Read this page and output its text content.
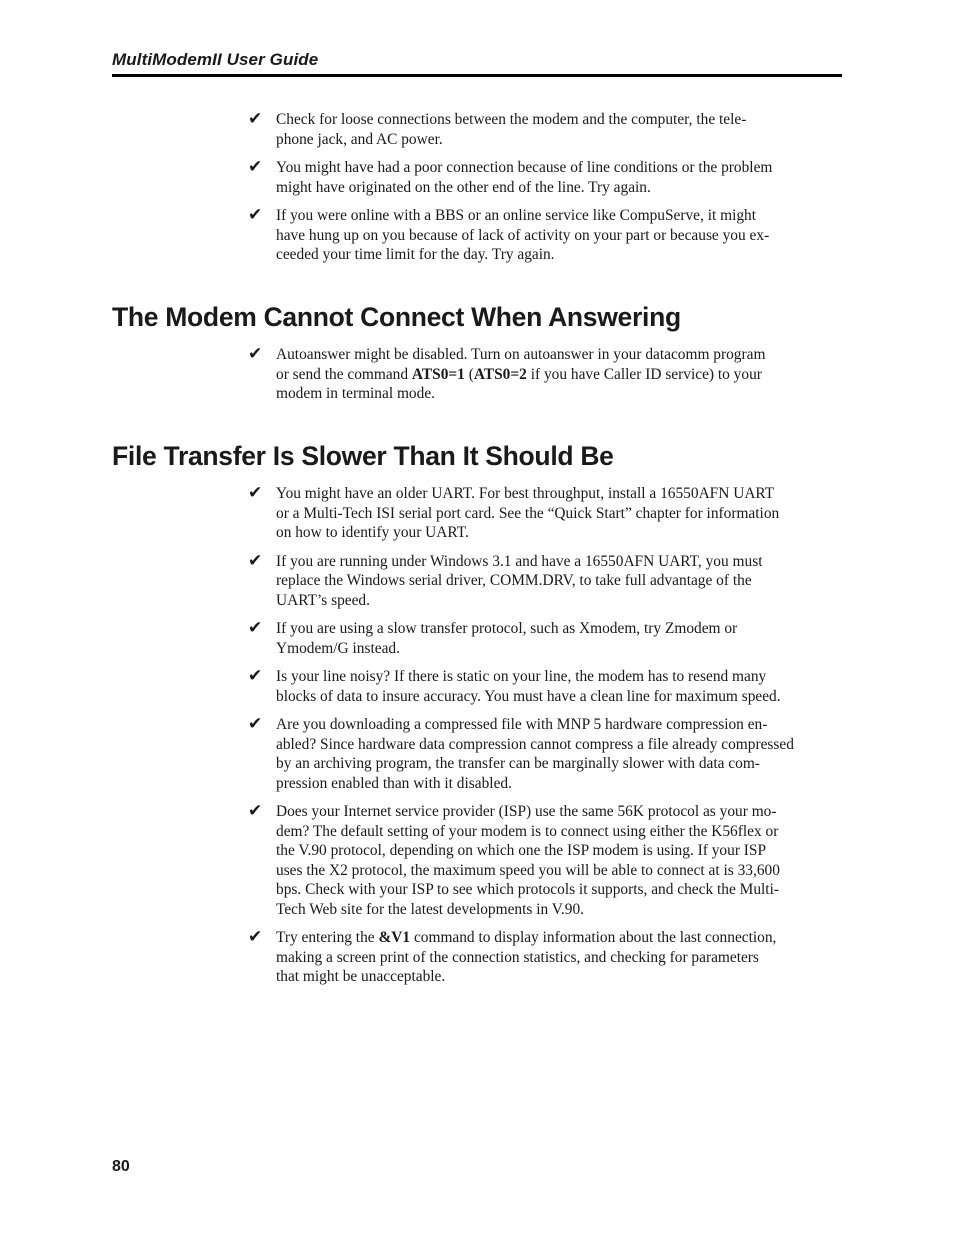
MultiModemII User Guide
✔ Check for loose connections between the modem and the computer, the tele-
phone jack, and AC power.
✔ You might have had a poor connection because of line conditions or the problem
might have originated on the other end of the line. Try again.
✔ If you were online with a BBS or an online service like CompuServe, it might
have hung up on you because of lack of activity on your part or because you ex-
ceeded your time limit for the day. Try again.
The Modem Cannot Connect When Answering
✔ Autoanswer might be disabled. Turn on autoanswer in your datacomm program
or send the command ATS0=1 (ATS0=2 if you have Caller ID service) to your
modem in terminal mode.
File Transfer Is Slower Than It Should Be
✔ You might have an older UART. For best throughput, install a 16550AFN UART
or a Multi-Tech ISI serial port card. See the “Quick Start” chapter for information
on how to identify your UART.
✔ If you are running under Windows 3.1 and have a 16550AFN UART, you must
replace the Windows serial driver, COMM.DRV, to take full advantage of the
UART’s speed.
✔ If you are using a slow transfer protocol, such as Xmodem, try Zmodem or
Ymodem/G instead.
✔ Is your line noisy? If there is static on your line, the modem has to resend many
blocks of data to insure accuracy. You must have a clean line for maximum speed.
✔ Are you downloading a compressed file with MNP 5 hardware compression en-
abled? Since hardware data compression cannot compress a file already compressed
by an archiving program, the transfer can be marginally slower with data com-
pression enabled than with it disabled.
✔ Does your Internet service provider (ISP) use the same 56K protocol as your mo-
dem? The default setting of your modem is to connect using either the K56flex or
the V.90 protocol, depending on which one the ISP modem is using. If your ISP
uses the X2 protocol, the maximum speed you will be able to connect at is 33,600
bps. Check with your ISP to see which protocols it supports, and check the Multi-
Tech Web site for the latest developments in V.90.
✔ Try entering the &V1 command to display information about the last connection,
making a screen print of the connection statistics, and checking for parameters
that might be unacceptable.
80
